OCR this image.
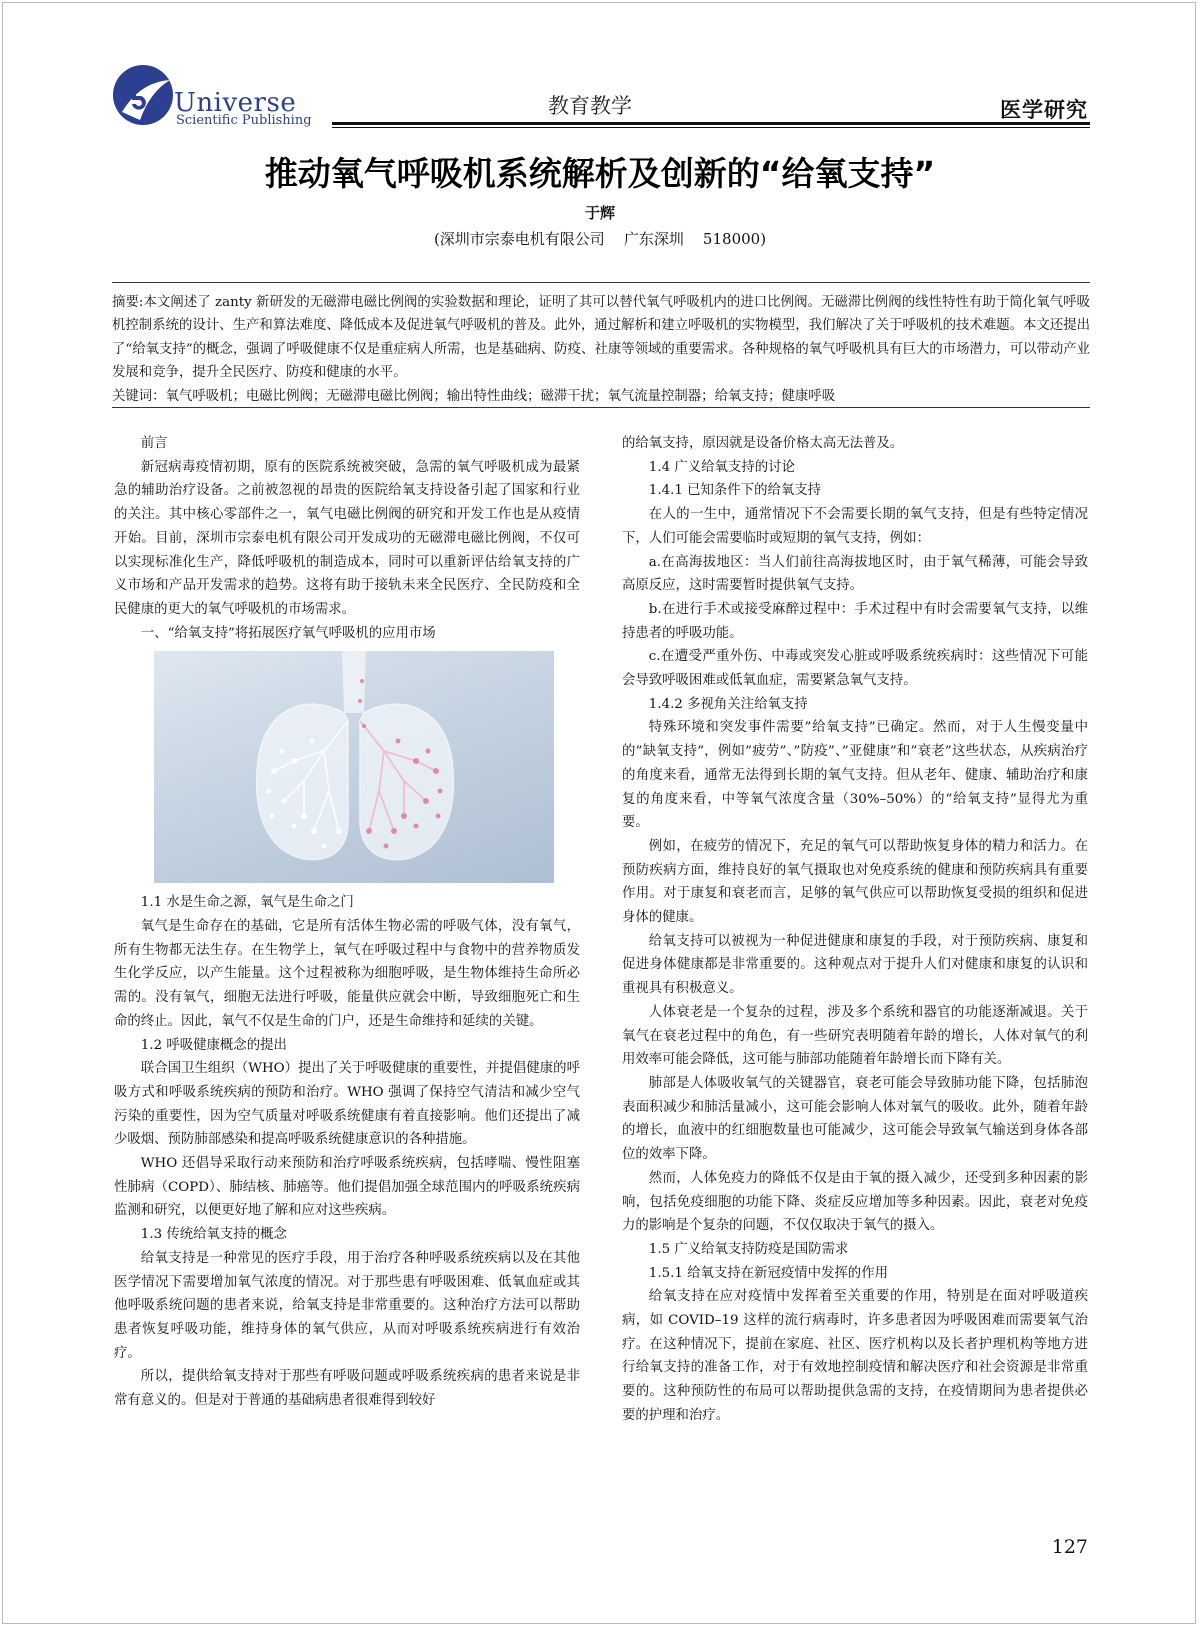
Universe
Scientific Publishing
教育教学	医学研究
推动氧气呼吸机系统解析及创新的“给氧支持”
于辉
(深圳市宗泰电机有限公司    广东深圳    518000)

摘要:本文阐述了 zanty 新研发的无磁滞电磁比例阀的实验数据和理论，证明了其可以替代氧气呼吸机内的进口比例阀。无磁滞比例阀的线性特性有助于简化氧气呼吸机控制系统的设计、生产和算法难度、降低成本及促进氧气呼吸机的普及。此外，通过解析和建立呼吸机的实物模型，我们解决了关于呼吸机的技术难题。本文还提出了“给氧支持”的概念，强调了呼吸健康不仅是重症病人所需，也是基础病、防疫、社康等领域的重要需求。各种规格的氧气呼吸机具有巨大的市场潜力，可以带动产业发展和竞争，提升全民医疗、防疫和健康的水平。

关键词：氧气呼吸机；电磁比例阀；无磁滞电磁比例阀；输出特性曲线；磁滞干扰；氧气流量控制器；给氧支持；健康呼吸

前言

新冠病毒疫情初期，原有的医院系统被突破，急需的氧气呼吸机成为最紧急的辅助治疗设备。之前被忽视的昂贵的医院给氧支持设备引起了国家和行业的关注。其中核心零部件之一，氧气电磁比例阀的研究和开发工作也是从疫情开始。目前，深圳市宗泰电机有限公司开发成功的无磁滞电磁比例阀，不仅可以实现标准化生产，降低呼吸机的制造成本，同时可以重新评估给氧支持的广义市场和产品开发需求的趋势。这将有助于接轨未来全民医疗、全民防疫和全民健康的更大的氧气呼吸机的市场需求。

一、“给氧支持”将拓展医疗氧气呼吸机的应用市场

1.1 水是生命之源，氧气是生命之门

氧气是生命存在的基础，它是所有活体生物必需的呼吸气体，没有氧气，所有生物都无法生存。在生物学上，氧气在呼吸过程中与食物中的营养物质发生化学反应，以产生能量。这个过程被称为细胞呼吸，是生物体维持生命所必需的。没有氧气，细胞无法进行呼吸，能量供应就会中断，导致细胞死亡和生命的终止。因此，氧气不仅是生命的门户，还是生命维持和延续的关键。

1.2 呼吸健康概念的提出

联合国卫生组织（WHO）提出了关于呼吸健康的重要性，并提倡健康的呼吸方式和呼吸系统疾病的预防和治疗。WHO 强调了保持空气清洁和减少空气污染的重要性，因为空气质量对呼吸系统健康有着直接影响。他们还提出了减少吸烟、预防肺部感染和提高呼吸系统健康意识的各种措施。

WHO 还倡导采取行动来预防和治疗呼吸系统疾病，包括哮喘、慢性阻塞性肺病（COPD）、肺结核、肺癌等。他们提倡加强全球范围内的呼吸系统疾病监测和研究，以便更好地了解和应对这些疾病。

1.3 传统给氧支持的概念

给氧支持是一种常见的医疗手段，用于治疗各种呼吸系统疾病以及在其他医学情况下需要增加氧气浓度的情况。对于那些患有呼吸困难、低氧血症或其他呼吸系统问题的患者来说，给氧支持是非常重要的。这种治疗方法可以帮助患者恢复呼吸功能，维持身体的氧气供应，从而对呼吸系统疾病进行有效治疗。

所以，提供给氧支持对于那些有呼吸问题或呼吸系统疾病的患者来说是非常有意义的。但是对于普通的基础病患者很难得到较好

的给氧支持，原因就是设备价格太高无法普及。

1.4 广义给氧支持的讨论

1.4.1 已知条件下的给氧支持

在人的一生中，通常情况下不会需要长期的氧气支持，但是有些特定情况下，人们可能会需要临时或短期的氧气支持，例如：

a.在高海拔地区：当人们前往高海拔地区时，由于氧气稀薄，可能会导致高原反应，这时需要暂时提供氧气支持。

b.在进行手术或接受麻醉过程中：手术过程中有时会需要氧气支持，以维持患者的呼吸功能。

c.在遭受严重外伤、中毒或突发心脏或呼吸系统疾病时：这些情况下可能会导致呼吸困难或低氧血症，需要紧急氧气支持。

1.4.2 多视角关注给氧支持

特殊环境和突发事件需要”给氧支持”已确定。然而，对于人生慢变量中的”缺氧支持”，例如”疲劳”、”防疫”、”亚健康”和”衰老”这些状态，从疾病治疗的角度来看，通常无法得到长期的氧气支持。但从老年、健康、辅助治疗和康复的角度来看，中等氧气浓度含量（30%–50%）的“给氧支持”显得尤为重要。

例如，在疲劳的情况下，充足的氧气可以帮助恢复身体的精力和活力。在预防疾病方面，维持良好的氧气摄取也对免疫系统的健康和预防疾病具有重要作用。对于康复和衰老而言，足够的氧气供应可以帮助恢复受损的组织和促进身体的健康。

给氧支持可以被视为一种促进健康和康复的手段，对于预防疾病、康复和促进身体健康都是非常重要的。这种观点对于提升人们对健康和康复的认识和重视具有积极意义。

人体衰老是一个复杂的过程，涉及多个系统和器官的功能逐渐减退。关于氧气在衰老过程中的角色，有一些研究表明随着年龄的增长，人体对氧气的利用效率可能会降低，这可能与肺部功能随着年龄增长而下降有关。

肺部是人体吸收氧气的关键器官，衰老可能会导致肺功能下降，包括肺泡表面积减少和肺活量减小，这可能会影响人体对氧气的吸收。此外，随着年龄的增长，血液中的红细胞数量也可能减少，这可能会导致氧气输送到身体各部位的效率下降。

然而，人体免疫力的降低不仅是由于氧的摄入减少，还受到多种因素的影响，包括免疫细胞的功能下降、炎症反应增加等多种因素。因此，衰老对免疫力的影响是个复杂的问题，不仅仅取决于氧气的摄入。

1.5 广义给氧支持防疫是国防需求

1.5.1 给氧支持在新冠疫情中发挥的作用

给氧支持在应对疫情中发挥着至关重要的作用，特别是在面对呼吸道疾病，如 COVID–19 这样的流行病毒时，许多患者因为呼吸困难而需要氧气治疗。在这种情况下，提前在家庭、社区、医疗机构以及长者护理机构等地方进行给氧支持的准备工作，对于有效地控制疫情和解决医疗和社会资源是非常重要的。这种预防性的布局可以帮助提供急需的支持，在疫情期间为患者提供必要的护理和治疗。

127
